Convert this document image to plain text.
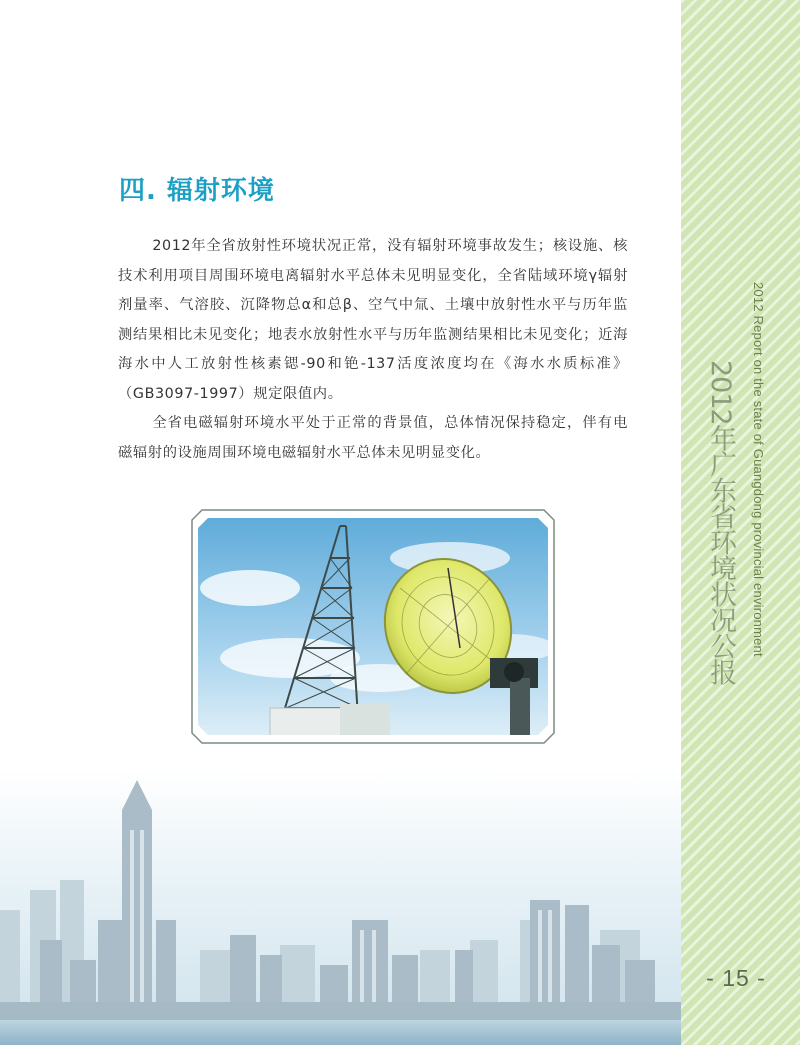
2012 Report on the state of Guangdong provincial environment
2012年广东省环境状况公报
- 15 -
四. 辐射环境

2012年全省放射性环境状况正常，没有辐射环境事故发生；核设施、核技术利用项目周围环境电离辐射水平总体未见明显变化，全省陆域环境γ辐射剂量率、气溶胶、沉降物总α和总β、空气中氚、土壤中放射性水平与历年监测结果相比未见变化；地表水放射性水平与历年监测结果相比未见变化；近海海水中人工放射性核素锶-90和铯-137活度浓度均在《海水水质标准》（GB3097-1997）规定限值内。

全省电磁辐射环境水平处于正常的背景值，总体情况保持稳定，伴有电磁辐射的设施周围环境电磁辐射水平总体未见明显变化。
